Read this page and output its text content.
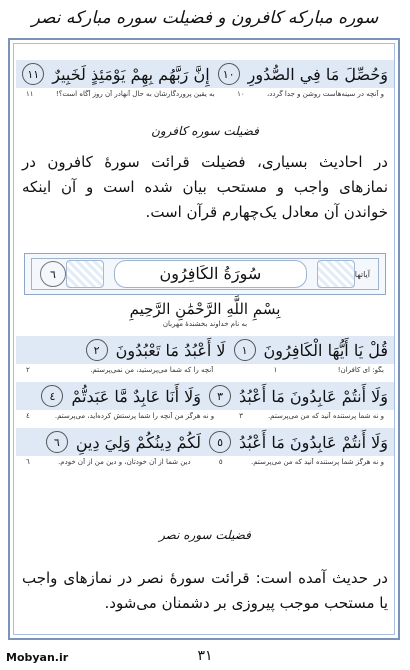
سوره مبارکه کافرون و فضیلت سوره مبارکه نصر
وَحُصِّلَ مَا فِي الصُّدُورِ
١٠
إِنَّ رَبَّهُم بِهِمْ يَوْمَئِذٍ لَخَبِيرٌ
١١
و آنچه در سینه‌هاست روشن و جدا گردد،
١٠
به یقین پروردگارشان به حال آنهادر آن روز آگاه است؟!
١١
فضیلت سوره کافرون
در احادیث بسیاری، فضیلت قرائت سورۀ کافرون در نمازهای واجب و مستحب بیان شده است و آن اینکه خواندن آن معادل یک‌چهارم قرآن است.
آیاتها
سُورَةُ الكَافِرُون
٦
بِسْمِ اللَّهِ الرَّحْمَٰنِ الرَّحِيمِ
به نام خداوند بخشندۀ مهربان
قُلْ يَا أَيُّهَا الْكَافِرُونَ
١
لَا أَعْبُدُ مَا تَعْبُدُونَ
٢
بگو: ای کافران!
١
آنچه را که شما می‌پرستید، من نمی‌پرستم.
٢
وَلَا أَنتُمْ عَابِدُونَ مَا أَعْبُدُ
٣
وَلَا أَنَا عَابِدٌ مَّا عَبَدتُّمْ
٤
و نه شما پرستنده آنید که من می‌پرستم.
٣
و نه هرگز من آنچه را شما پرستش کرده‌اید، می‌پرستم.
٤
وَلَا أَنتُمْ عَابِدُونَ مَا أَعْبُدُ
٥
لَكُمْ دِينُكُمْ وَلِيَ دِينِ
٦
و نه هرگز شما پرستنده آنید که من می‌پرستم.
٥
دین شما از آن خودتان، و دین من از آن خودم.
٦
فضیلت سوره نصر
در حدیث آمده است: قرائت سورۀ نصر در نمازهای واجب یا مستحب موجب پیروزی بر دشمنان می‌شود.
Mobyan.ir	٣١
